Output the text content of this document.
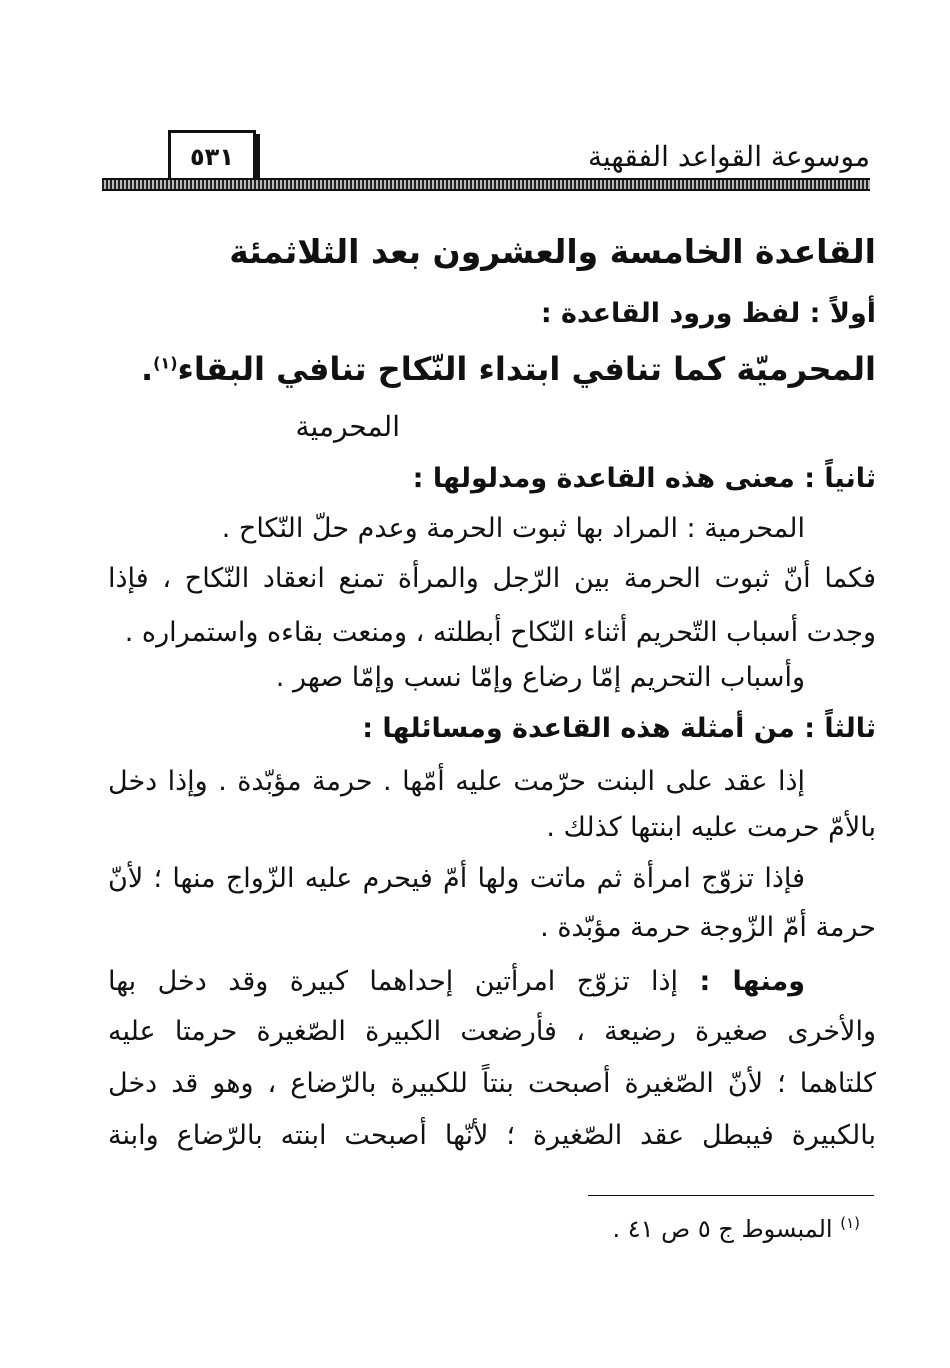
موسوعة القواعد الفقهية
٥٣١
القاعدة الخامسة والعشرون بعد الثلاثمئة
أولاً : لفظ ورود القاعدة :
المحرميّة كما تنافي ابتداء النّكاح تنافي البقاء$^{(١)}$.
المحرمية
ثانياً : معنى هذه القاعدة ومدلولها :
المحرمية : المراد بها ثبوت الحرمة وعدم حلّ النّكاح .
فكما أنّ ثبوت الحرمة بين الرّجل والمرأة تمنع انعقاد النّكاح ، فإذا
وجدت أسباب التّحريم أثناء النّكاح أبطلته ، ومنعت بقاءه واستمراره .
وأسباب التحريم إمّا رضاع وإمّا نسب وإمّا صهر .
ثالثاً : من أمثلة هذه القاعدة ومسائلها :
إذا عقد على البنت حرّمت عليه أمّها . حرمة مؤبّدة . وإذا دخل
بالأمّ حرمت عليه ابنتها كذلك .
فإذا تزوّج امرأة ثم ماتت ولها أمّ فيحرم عليه الزّواج منها ؛ لأنّ
حرمة أمّ الزّوجة حرمة مؤبّدة .
ومنها : إذا تزوّج امرأتين إحداهما كبيرة وقد دخل بها
والأخرى صغيرة رضيعة ، فأرضعت الكبيرة الصّغيرة حرمتا عليه
كلتاهما ؛ لأنّ الصّغيرة أصبحت بنتاً للكبيرة بالرّضاع ، وهو قد دخل
بالكبيرة فيبطل عقد الصّغيرة ؛ لأنّها أصبحت ابنته بالرّضاع وابنة
$^{(١)}$ المبسوط ج ٥ ص ٤١ .
